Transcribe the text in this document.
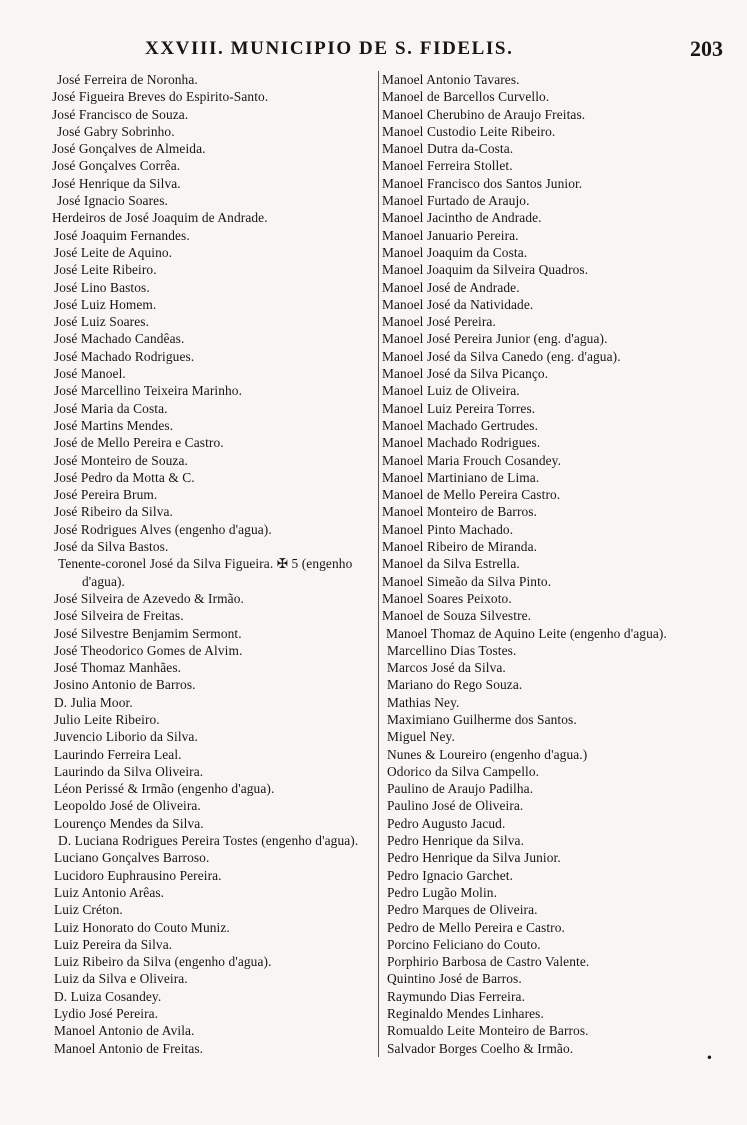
XXVIII. MUNICIPIO DE S. FIDELIS.	203
José Ferreira de Noronha.
José Figueira Breves do Espirito-Santo.
José Francisco de Souza.
José Gabry Sobrinho.
José Gonçalves de Almeida.
José Gonçalves Corrêa.
José Henrique da Silva.
José Ignacio Soares.
Herdeiros de José Joaquim de Andrade.
José Joaquim Fernandes.
José Leite de Aquino.
José Leite Ribeiro.
José Lino Bastos.
José Luiz Homem.
José Luiz Soares.
José Machado Candêas.
José Machado Rodrigues.
José Manoel.
José Marcellino Teixeira Marinho.
José Maria da Costa.
José Martins Mendes.
José de Mello Pereira e Castro.
José Monteiro de Souza.
José Pedro da Motta & C.
José Pereira Brum.
José Ribeiro da Silva.
José Rodrigues Alves (engenho d'agua).
José da Silva Bastos.
Tenente-coronel José da Silva Figueira. ✠ 5 (engenho d'agua).
José Silveira de Azevedo & Irmão.
José Silveira de Freitas.
José Silvestre Benjamim Sermont.
José Theodorico Gomes de Alvim.
José Thomaz Manhães.
Josino Antonio de Barros.
D. Julia Moor.
Julio Leite Ribeiro.
Juvencio Liborio da Silva.
Laurindo Ferreira Leal.
Laurindo da Silva Oliveira.
Léon Perissé & Irmão (engenho d'agua).
Leopoldo José de Oliveira.
Lourenço Mendes da Silva.
D. Luciana Rodrigues Pereira Tostes (engenho d'agua).
Luciano Gonçalves Barroso.
Lucidoro Euphrausino Pereira.
Luiz Antonio Arêas.
Luiz Créton.
Luiz Honorato do Couto Muniz.
Luiz Pereira da Silva.
Luiz Ribeiro da Silva (engenho d'agua).
Luiz da Silva e Oliveira.
D. Luiza Cosandey.
Lydio José Pereira.
Manoel Antonio de Avila.
Manoel Antonio de Freitas.
Manoel Antonio Tavares.
Manoel de Barcellos Curvello.
Manoel Cherubino de Araujo Freitas.
Manoel Custodio Leite Ribeiro.
Manoel Dutra da-Costa.
Manoel Ferreira Stollet.
Manoel Francisco dos Santos Junior.
Manoel Furtado de Araujo.
Manoel Jacintho de Andrade.
Manoel Januario Pereira.
Manoel Joaquim da Costa.
Manoel Joaquim da Silveira Quadros.
Manoel José de Andrade.
Manoel José da Natividade.
Manoel José Pereira.
Manoel José Pereira Junior (eng. d'agua).
Manoel José da Silva Canedo (eng. d'agua).
Manoel José da Silva Picanço.
Manoel Luiz de Oliveira.
Manoel Luiz Pereira Torres.
Manoel Machado Gertrudes.
Manoel Machado Rodrigues.
Manoel Maria Frouch Cosandey.
Manoel Martiniano de Lima.
Manoel de Mello Pereira Castro.
Manoel Monteiro de Barros.
Manoel Pinto Machado.
Manoel Ribeiro de Miranda.
Manoel da Silva Estrella.
Manoel Simeão da Silva Pinto.
Manoel Soares Peixoto.
Manoel de Souza Silvestre.
Manoel Thomaz de Aquino Leite (engenho d'agua).
Marcellino Dias Tostes.
Marcos José da Silva.
Mariano do Rego Souza.
Mathias Ney.
Maximiano Guilherme dos Santos.
Miguel Ney.
Nunes & Loureiro (engenho d'agua.)
Odorico da Silva Campello.
Paulino de Araujo Padilha.
Paulino José de Oliveira.
Pedro Augusto Jacud.
Pedro Henrique da Silva.
Pedro Henrique da Silva Junior.
Pedro Ignacio Garchet.
Pedro Lugão Molin.
Pedro Marques de Oliveira.
Pedro de Mello Pereira e Castro.
Porcino Feliciano do Couto.
Porphirio Barbosa de Castro Valente.
Quintino José de Barros.
Raymundo Dias Ferreira.
Reginaldo Mendes Linhares.
Romualdo Leite Monteiro de Barros.
Salvador Borges Coelho & Irmão.
•
